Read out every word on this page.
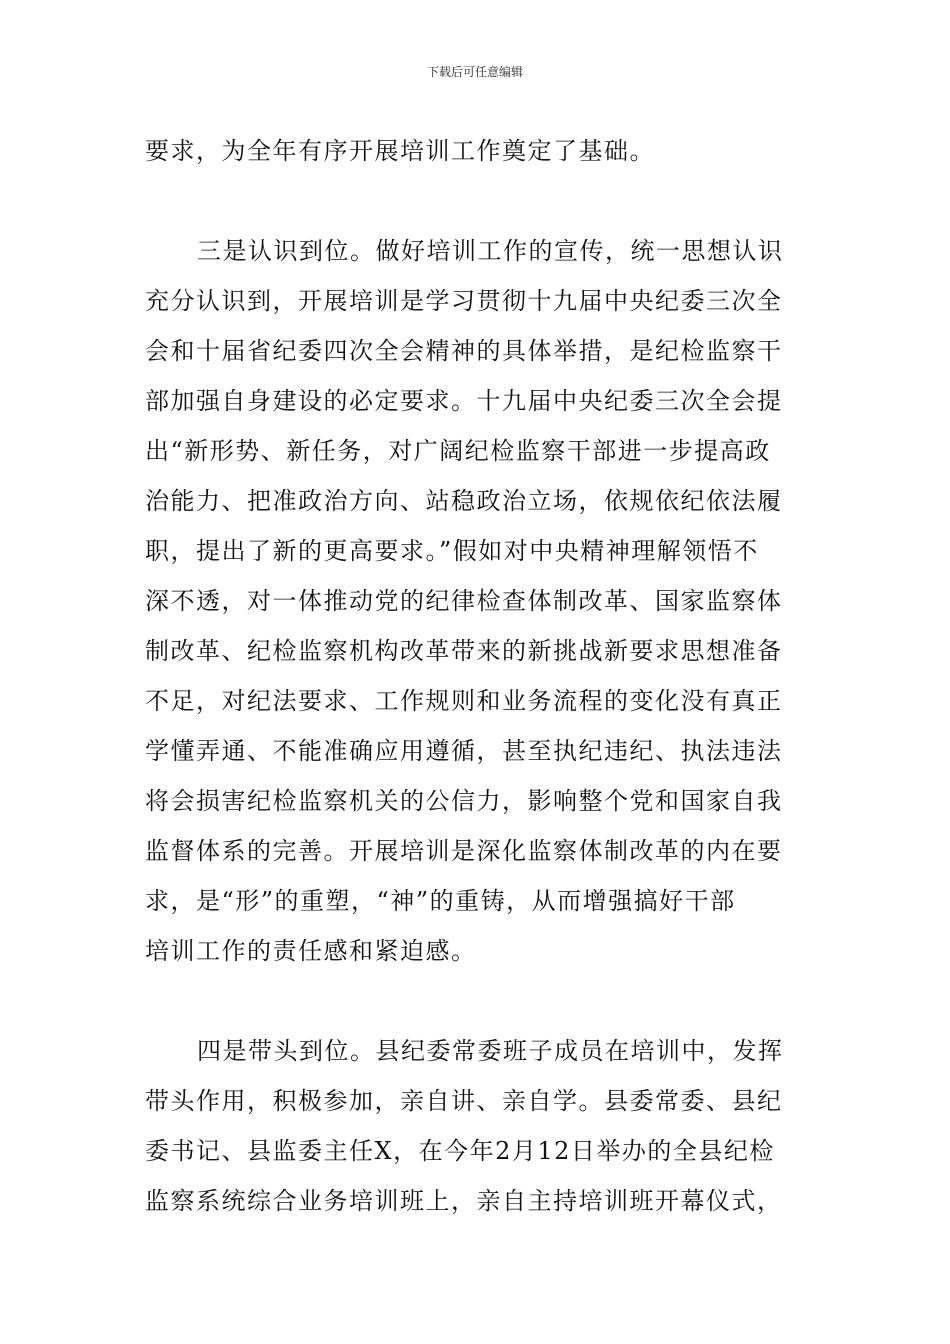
下载后可任意编辑

要求，为全年有序开展培训工作奠定了基础。

三是认识到位。做好培训工作的宣传，统一思想认识

充分认识到，开展培训是学习贯彻十九届中央纪委三次全

会和十届省纪委四次全会精神的具体举措，是纪检监察干

部加强自身建设的必定要求。十九届中央纪委三次全会提

出“新形势、新任务，对广阔纪检监察干部进一步提高政

治能力、把准政治方向、站稳政治立场，依规依纪依法履

职，提出了新的更高要求。”假如对中央精神理解领悟不

深不透，对一体推动党的纪律检查体制改革、国家监察体

制改革、纪检监察机构改革带来的新挑战新要求思想准备

不足，对纪法要求、工作规则和业务流程的变化没有真正

学懂弄通、不能准确应用遵循，甚至执纪违纪、执法违法

将会损害纪检监察机关的公信力，影响整个党和国家自我

监督体系的完善。开展培训是深化监察体制改革的内在要

求，是“形”的重塑，“神”的重铸，从而增强搞好干部

培训工作的责任感和紧迫感。

四是带头到位。县纪委常委班子成员在培训中，发挥

带头作用，积极参加，亲自讲、亲自学。县委常委、县纪

委书记、县监委主任X，在今年2月12日举办的全县纪检

监察系统综合业务培训班上，亲自主持培训班开幕仪式，
